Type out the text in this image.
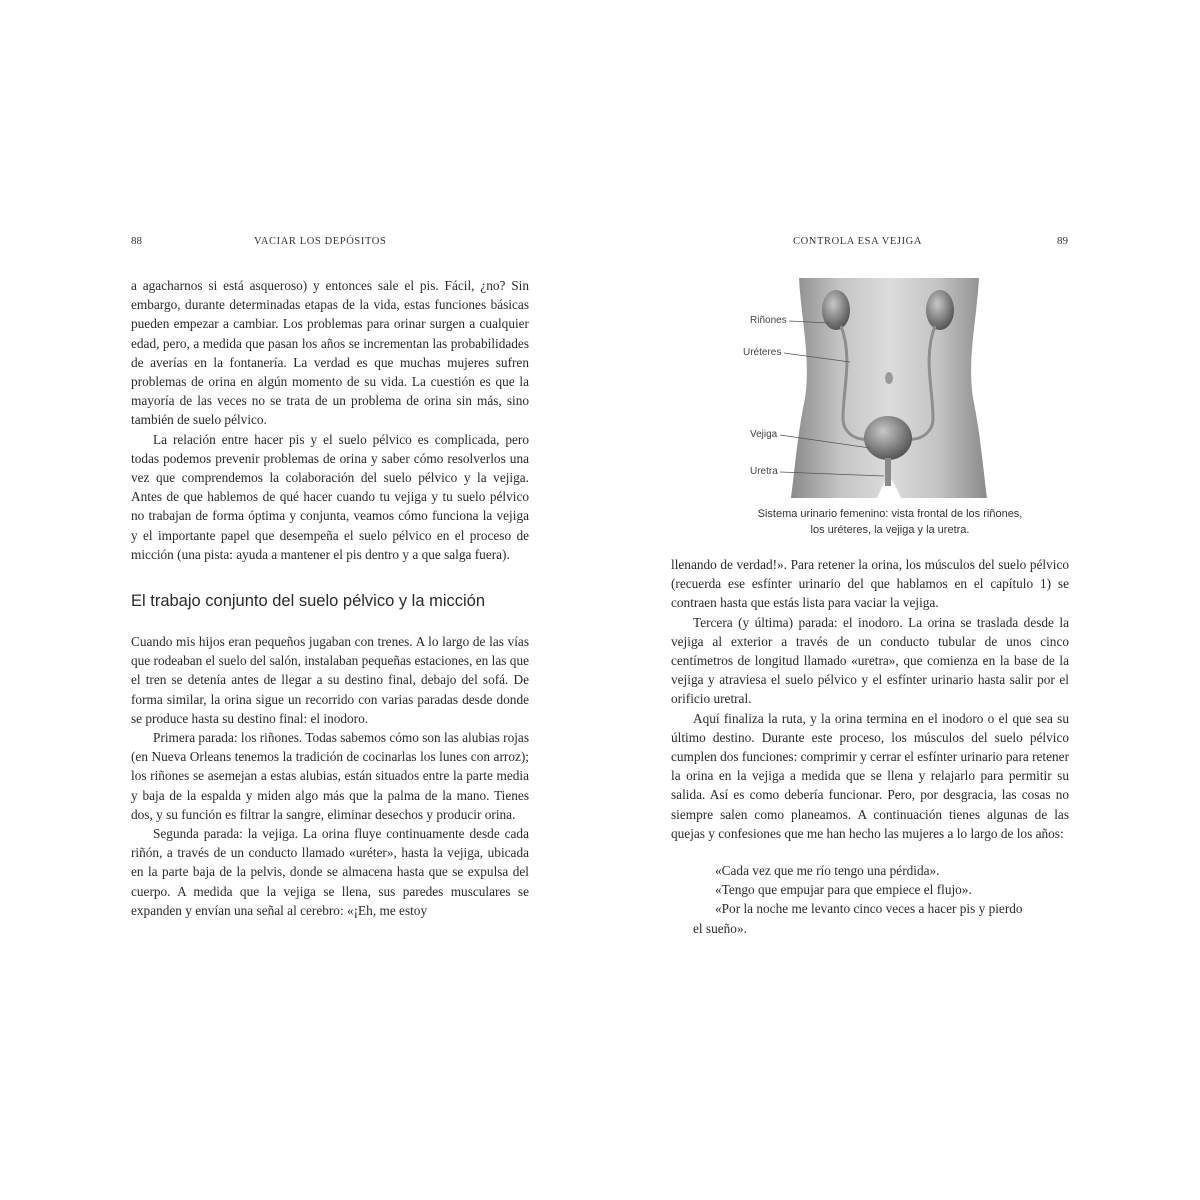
88	VACIAR LOS DEPÓSITOS

a agacharnos si está asqueroso) y entonces sale el pis. Fácil, ¿no? Sin embargo, durante determinadas etapas de la vida, estas funciones básicas pueden empezar a cambiar. Los problemas para orinar surgen a cualquier edad, pero, a medida que pasan los años se incrementan las probabilidades de averías en la fontanería. La verdad es que muchas mujeres sufren problemas de orina en algún momento de su vida. La cuestión es que la mayoría de las veces no se trata de un problema de orina sin más, sino también de suelo pélvico.

La relación entre hacer pis y el suelo pélvico es complicada, pero todas podemos prevenir problemas de orina y saber cómo resolverlos una vez que comprendemos la colaboración del suelo pélvico y la vejiga. Antes de que hablemos de qué hacer cuando tu vejiga y tu suelo pélvico no trabajan de forma óptima y conjunta, veamos cómo funciona la vejiga y el importante papel que desempeña el suelo pélvico en el proceso de micción (una pista: ayuda a mantener el pis dentro y a que salga fuera).

El trabajo conjunto del suelo pélvico y la micción

Cuando mis hijos eran pequeños jugaban con trenes. A lo largo de las vías que rodeaban el suelo del salón, instalaban pequeñas estaciones, en las que el tren se detenía antes de llegar a su destino final, debajo del sofá. De forma similar, la orina sigue un recorrido con varias paradas desde donde se produce hasta su destino final: el inodoro.

Primera parada: los riñones. Todas sabemos cómo son las alubias rojas (en Nueva Orleans tenemos la tradición de cocinarlas los lunes con arroz); los riñones se asemejan a estas alubias, están situados entre la parte media y baja de la espalda y miden algo más que la palma de la mano. Tienes dos, y su función es filtrar la sangre, eliminar desechos y producir orina.

Segunda parada: la vejiga. La orina fluye continuamente desde cada riñón, a través de un conducto llamado «uréter», hasta la vejiga, ubicada en la parte baja de la pelvis, donde se almacena hasta que se expulsa del cuerpo. A medida que la vejiga se llena, sus paredes musculares se expanden y envían una señal al cerebro: «¡Eh, me estoy

CONTROLA ESA VEJIGA	89
Riñones
Uréteres
Vejiga
Uretra
Sistema urinario femenino: vista frontal de los riñones,
los uréteres, la vejiga y la uretra.

llenando de verdad!». Para retener la orina, los músculos del suelo pélvico (recuerda ese esfínter urinario del que hablamos en el capítulo 1) se contraen hasta que estás lista para vaciar la vejiga.

Tercera (y última) parada: el inodoro. La orina se traslada desde la vejiga al exterior a través de un conducto tubular de unos cinco centímetros de longitud llamado «uretra», que comienza en la base de la vejiga y atraviesa el suelo pélvico y el esfínter urinario hasta salir por el orificio uretral.

Aquí finaliza la ruta, y la orina termina en el inodoro o el que sea su último destino. Durante este proceso, los músculos del suelo pélvico cumplen dos funciones: comprimir y cerrar el esfínter urinario para retener la orina en la vejiga a medida que se llena y relajarlo para permitir su salida. Así es como debería funcionar. Pero, por desgracia, las cosas no siempre salen como planeamos. A continuación tienes algunas de las quejas y confesiones que me han hecho las mujeres a lo largo de los años:

«Cada vez que me río tengo una pérdida».

«Tengo que empujar para que empiece el flujo».

«Por la noche me levanto cinco veces a hacer pis y pierdo

el sueño».
